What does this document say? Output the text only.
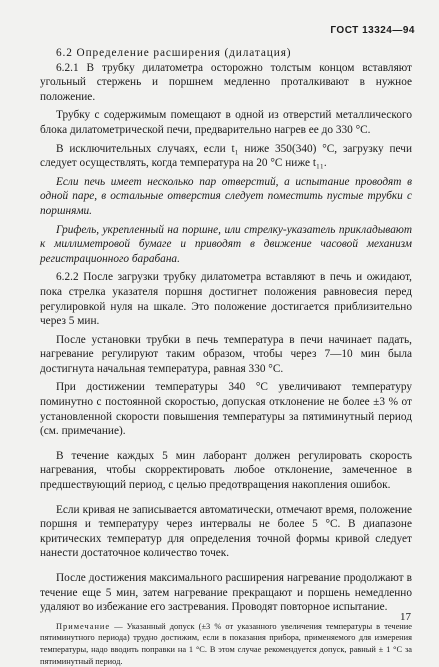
ГОСТ 13324—94
6.2 Определение расширения (дилатация)

6.2.1 В трубку дилатометра осторожно толстым концом вставляют угольный стержень и поршнем медленно проталкивают в нужное положение.

Трубку с содержимым помещают в одной из отверстий металлического блока дилатометрической печи, предварительно нагрев ее до 330 °С.

В исключительных случаях, если t₁ ниже 350(340) °С, загрузку печи следует осуществлять, когда температура на 20 °С ниже t₁₁.

Если печь имеет несколько пар отверстий, а испытание проводят в одной паре, в остальные отверстия следует поместить пустые трубки с поршнями.

Грифель, укрепленный на поршне, или стрелку-указатель прикладывают к миллиметровой бумаге и приводят в движение часовой механизм регистрационного барабана.

6.2.2 После загрузки трубку дилатометра вставляют в печь и ожидают, пока стрелка указателя поршня достигнет положения равновесия перед регулировкой нуля на шкале. Это положение достигается приблизительно через 5 мин.

После установки трубки в печь температура в печи начинает падать, нагревание регулируют таким образом, чтобы через 7—10 мин была достигнута начальная температура, равная 330 °С.

При достижении температуры 340 °С увеличивают температуру поминутно с постоянной скоростью, допуская отклонение не более ±3 % от установленной скорости повышения температуры за пятиминутный период (см. примечание).

В течение каждых 5 мин лаборант должен регулировать скорость нагревания, чтобы скорректировать любое отклонение, замеченное в предшествующий период, с целью предотвращения накопления ошибок.

Если кривая не записывается автоматически, отмечают время, положение поршня и температуру через интервалы не более 5 °С. В диапазоне критических температур для определения точной формы кривой следует нанести достаточное количество точек.

После достижения максимального расширения нагревание продолжают в течение еще 5 мин, затем нагревание прекращают и поршень немедленно удаляют во избежание его застревания. Проводят повторное испытание.

Примечание — Указанный допуск (±3 % от указанного увеличения температуры в течение пятиминутного периода) трудно достижим, если в показания прибора, применяемого для измерения температуры, надо вводить поправки на 1 °С. В этом случае рекомендуется допуск, равный ± 1 °С за пятиминутный период.
17
